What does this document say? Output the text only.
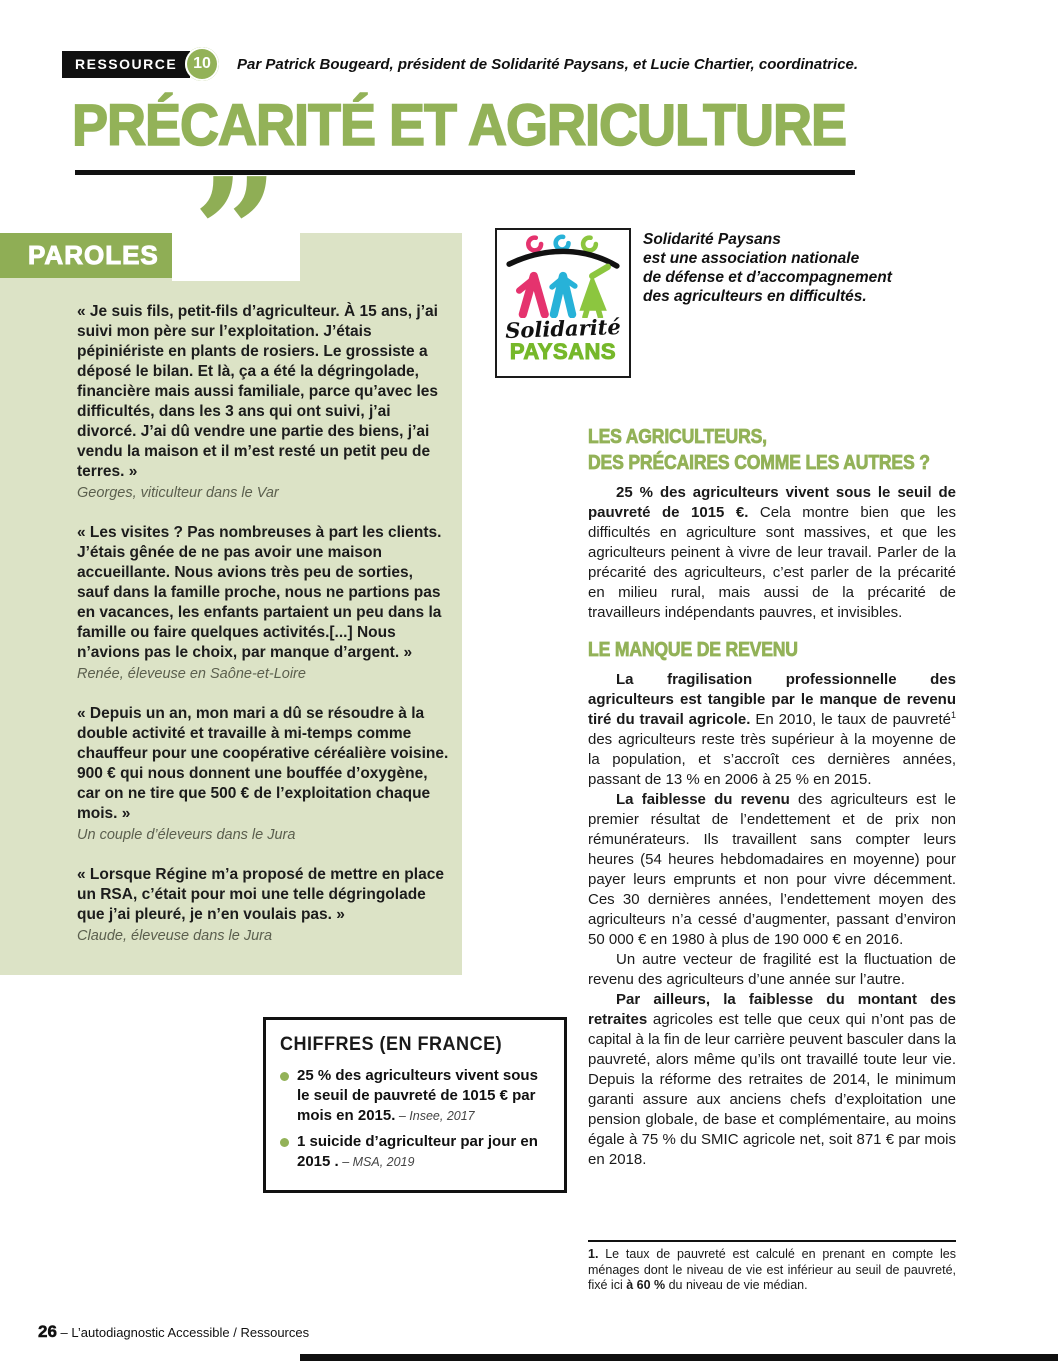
RESSOURCE 10 Par Patrick Bougeard, président de Solidarité Paysans, et Lucie Chartier, coordinatrice.
PRÉCARITÉ ET AGRICULTURE
”
PAROLES

« Je suis fils, petit-fils d’agriculteur. À 15 ans, j’ai suivi mon père sur l’exploitation. J’étais pépiniériste en plants de rosiers. Le grossiste a déposé le bilan. Et là, ça a été la dégringolade, financière mais aussi familiale, parce qu’avec les difficultés, dans les 3 ans qui ont suivi, j’ai divorcé. J’ai dû vendre une partie des biens, j’ai vendu la maison et il m’est resté un petit peu de terres. »

Georges, viticulteur dans le Var

« Les visites ? Pas nombreuses à part les clients. J’étais gênée de ne pas avoir une maison accueillante. Nous avions très peu de sorties, sauf dans la famille proche, nous ne partions pas en vacances, les enfants partaient un peu dans la famille ou faire quelques activités.[...] Nous n’avions pas le choix, par manque d’argent. »

Renée, éleveuse en Saône-et-Loire

« Depuis un an, mon mari a dû se résoudre à la double activité et travaille à mi-temps comme chauffeur pour une coopérative céréalière voisine. 900 € qui nous donnent une bouffée d’oxygène, car on ne tire que 500 € de l’exploitation chaque mois. »

Un couple d’éleveurs dans le Jura

« Lorsque Régine m’a proposé de mettre en place un RSA, c’était pour moi une telle dégringolade que j’ai pleuré, je n’en voulais pas. »

Claude, éleveuse dans le Jura

Solidarité
PAYSANS
Solidarité Paysans
est une association nationale
de défense et d’accompagnement
des agriculteurs en difficultés.
LES AGRICULTEURS,
DES PRÉCAIRES COMME LES AUTRES ?

25 % des agriculteurs vivent sous le seuil de pauvreté de 1015 €. Cela montre bien que les difficultés en agriculture sont massives, et que les agriculteurs peinent à vivre de leur travail. Parler de la précarité des agriculteurs, c’est parler de la précarité en milieu rural, mais aussi de la précarité de travailleurs indépendants pauvres, et invisibles.

LE MANQUE DE REVENU

La fragilisation professionnelle des agriculteurs est tangible par le manque de revenu tiré du travail agricole. En 2010, le taux de pauvreté$^1$ des agriculteurs reste très supérieur à la moyenne de la population, et s’accroît ces dernières années, passant de 13 % en 2006 à 25 % en 2015.

La faiblesse du revenu des agriculteurs est le premier résultat de l’endettement et de prix non rémunérateurs. Ils travaillent sans compter leurs heures (54 heures hebdomadaires en moyenne) pour payer leurs emprunts et non pour vivre décemment. Ces 30 dernières années, l’endettement moyen des agriculteurs n’a cessé d’augmenter, passant d’environ 50 000 € en 1980 à plus de 190 000 € en 2016.

Un autre vecteur de fragilité est la fluctuation de revenu des agriculteurs d’une année sur l’autre.

Par ailleurs, la faiblesse du montant des retraites agricoles est telle que ceux qui n’ont pas de capital à la fin de leur carrière peuvent basculer dans la pauvreté, alors même qu’ils ont travaillé toute leur vie. Depuis la réforme des retraites de 2014, le minimum garanti assure aux anciens chefs d’exploitation une pension globale, de base et complémentaire, au moins égale à 75 % du SMIC agricole net, soit 871 € par mois en 2018.

CHIFFRES (EN FRANCE)
25 % des agriculteurs vivent sous le seuil de pauvreté de 1015 € par mois en 2015. – Insee, 2017
1 suicide d’agriculteur par jour en 2015 . – MSA, 2019
1. Le taux de pauvreté est calculé en prenant en compte les ménages dont le niveau de vie est inférieur au seuil de pauvreté, fixé ici à 60 % du niveau de vie médian.
26 – L’autodiagnostic Accessible / Ressources
